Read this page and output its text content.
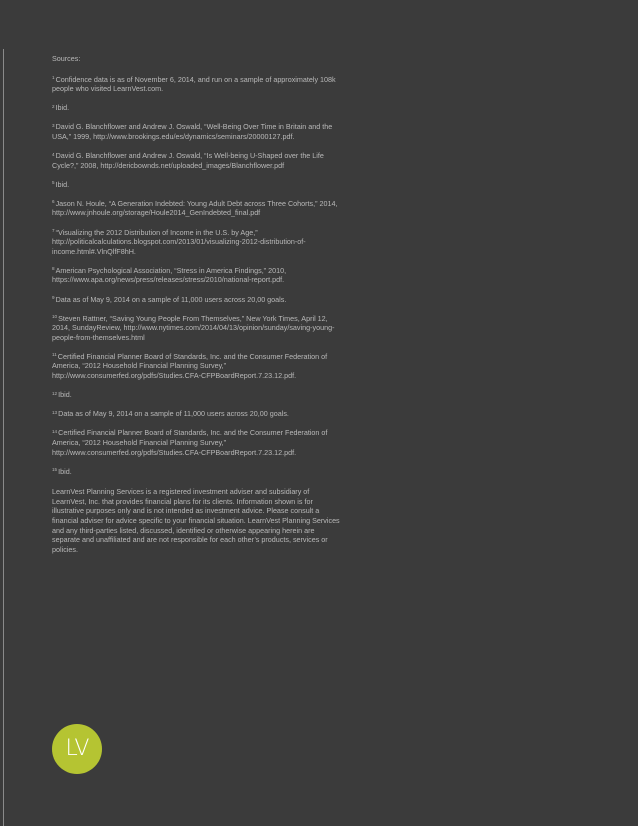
Sources:

$^1$Confidence data is as of November 6, 2014, and run on a sample of approximately 108k people who visited LearnVest.com.

$^2$Ibid.

$^3$David G. Blanchflower and Andrew J. Oswald, “Well-Being Over Time in Britain and the USA,” 1999, http://www.brookings.edu/es/dynamics/seminars/20000127.pdf.

$^4$David G. Blanchflower and Andrew J. Oswald, “Is Well-being U-Shaped over the Life Cycle?,” 2008, http://dericbownds.net/uploaded_images/Blanchflower.pdf

$^5$Ibid.

$^6$Jason N. Houle, “A Generation Indebted: Young Adult Debt across Three Cohorts,” 2014, http://www.jnhoule.org/storage/Houle2014_GenIndebted_final.pdf

$^7$“Visualizing the 2012 Distribution of Income in the U.S. by Age,” http://politicalcalculations.blogspot.com/2013/01/visualizing-2012-distribution-of-income.html#.VlnQlfF8hH.

$^8$American Psychological Association, “Stress in America Findings,” 2010, https://www.apa.org/news/press/releases/stress/2010/national-report.pdf.

$^9$Data as of May 9, 2014 on a sample of 11,000 users across 20,00 goals.

$^{10}$Steven Rattner, “Saving Young People From Themselves,” New York Times, April 12, 2014, SundayReview, http://www.nytimes.com/2014/04/13/opinion/sunday/saving-young-people-from-themselves.html

$^{11}$Certified Financial Planner Board of Standards, Inc. and the Consumer Federation of America, “2012 Household Financial Planning Survey,” http://www.consumerfed.org/pdfs/Studies.CFA-CFPBoardReport.7.23.12.pdf.

$^{12}$Ibid.

$^{13}$Data as of May 9, 2014 on a sample of 11,000 users across 20,00 goals.

$^{14}$Certified Financial Planner Board of Standards, Inc. and the Consumer Federation of America, “2012 Household Financial Planning Survey,” http://www.consumerfed.org/pdfs/Studies.CFA-CFPBoardReport.7.23.12.pdf.

$^{15}$Ibid.

LearnVest Planning Services is a registered investment adviser and subsidiary of LearnVest, Inc. that provides financial plans for its clients. Information shown is for illustrative purposes only and is not intended as investment advice. Please consult a financial adviser for advice specific to your financial situation. LearnVest Planning Services and any third-parties listed, discussed, identified or otherwise appearing herein are separate and unaffiliated and are not responsible for each other’s products, services or policies.

LV
